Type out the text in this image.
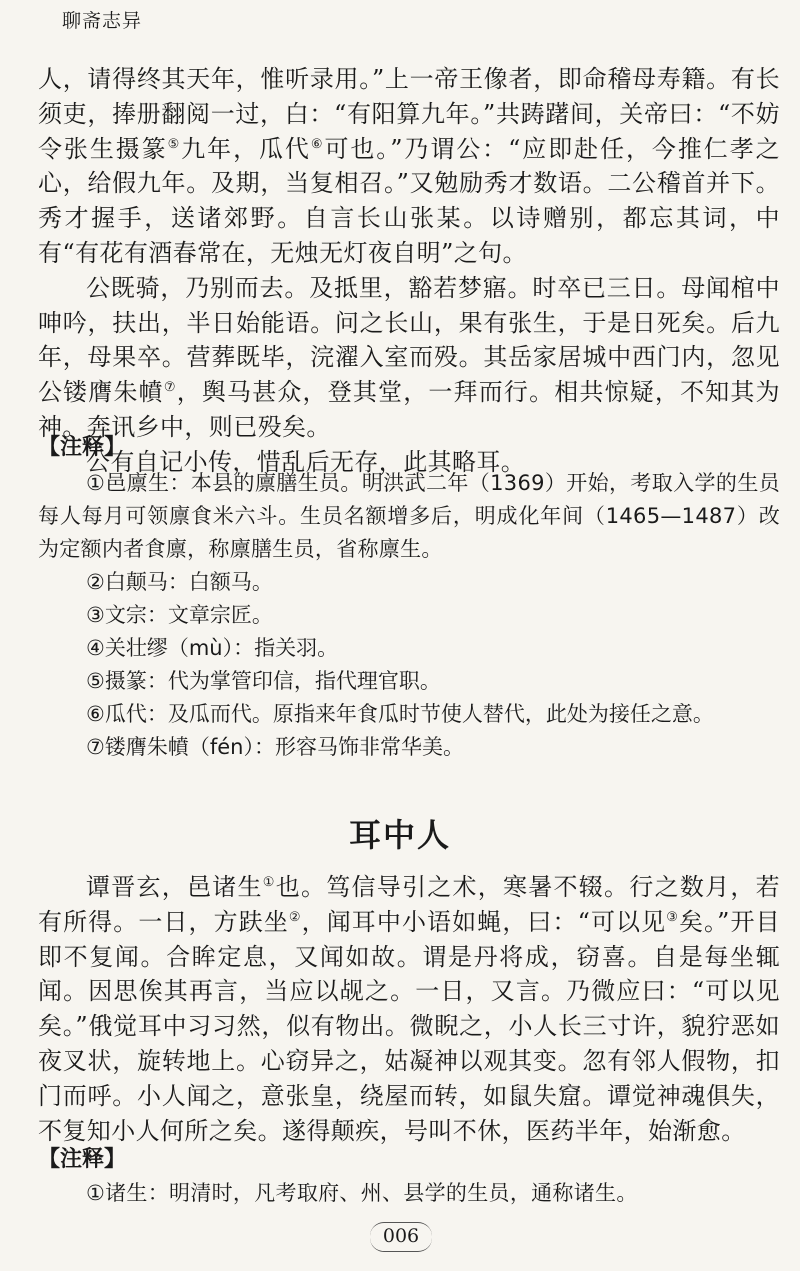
聊斋志异

人，请得终其天年，惟听录用。”上一帝王像者，即命稽母寿籍。有长须吏，捧册翻阅一过，白：“有阳算九年。”共踌躇间，关帝曰：“不妨令张生摄篆⑤九年，瓜代⑥可也。”乃谓公：“应即赴任，今推仁孝之心，给假九年。及期，当复相召。”又勉励秀才数语。二公稽首并下。秀才握手，送诸郊野。自言长山张某。以诗赠别，都忘其词，中有“有花有酒春常在，无烛无灯夜自明”之句。

公既骑，乃别而去。及抵里，豁若梦寤。时卒已三日。母闻棺中呻吟，扶出，半日始能语。问之长山，果有张生，于是日死矣。后九年，母果卒。营葬既毕，浣濯入室而殁。其岳家居城中西门内，忽见公镂膺朱幩⑦，舆马甚众，登其堂，一拜而行。相共惊疑，不知其为神。奔讯乡中，则已殁矣。

公有自记小传，惜乱后无存，此其略耳。

【注释】

①邑廪生：本县的廪膳生员。明洪武二年（1369）开始，考取入学的生员每人每月可领廪食米六斗。生员名额增多后，明成化年间（1465—1487）改为定额内者食廪，称廪膳生员，省称廪生。

②白颠马：白额马。

③文宗：文章宗匠。

④关壮缪（mù）：指关羽。

⑤摄篆：代为掌管印信，指代理官职。

⑥瓜代：及瓜而代。原指来年食瓜时节使人替代，此处为接任之意。

⑦镂膺朱幩（fén）：形容马饰非常华美。

耳中人

谭晋玄，邑诸生①也。笃信导引之术，寒暑不辍。行之数月，若有所得。一日，方趺坐②，闻耳中小语如蝇，曰：“可以见③矣。”开目即不复闻。合眸定息，又闻如故。谓是丹将成，窃喜。自是每坐辄闻。因思俟其再言，当应以觇之。一日，又言。乃微应曰：“可以见矣。”俄觉耳中习习然，似有物出。微睨之，小人长三寸许，貌狞恶如夜叉状，旋转地上。心窃异之，姑凝神以观其变。忽有邻人假物，扣门而呼。小人闻之，意张皇，绕屋而转，如鼠失窟。谭觉神魂俱失，不复知小人何所之矣。遂得颠疾，号叫不休，医药半年，始渐愈。

【注释】

①诸生：明清时，凡考取府、州、县学的生员，通称诸生。

006
